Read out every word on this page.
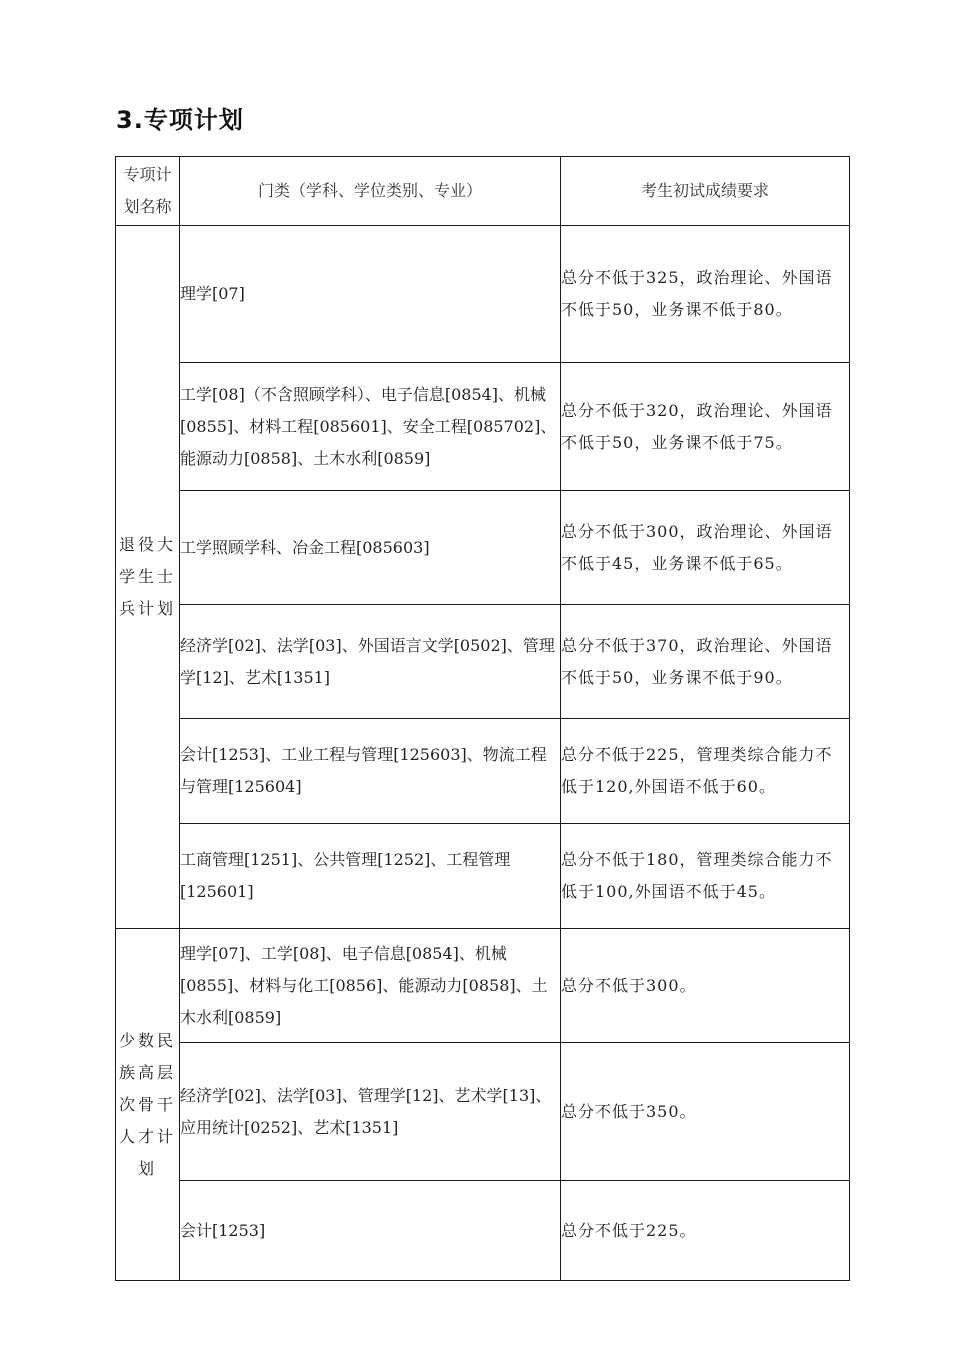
3.专项计划
专项计划名称	门类（学科、学位类别、专业）	考生初试成绩要求
退役大学生士兵计划	理学[07]	总分不低于325，政治理论、外国语不低于50，业务课不低于80。
	工学[08]（不含照顾学科）、电子信息[0854]、机械[0855]、材料工程[085601]、安全工程[085702]、能源动力[0858]、土木水利[0859]	总分不低于320，政治理论、外国语不低于50，业务课不低于75。
	工学照顾学科、冶金工程[085603]	总分不低于300，政治理论、外国语不低于45，业务课不低于65。
	经济学[02]、法学[03]、外国语言文学[0502]、管理学[12]、艺术[1351]	总分不低于370，政治理论、外国语不低于50，业务课不低于90。
	会计[1253]、工业工程与管理[125603]、物流工程与管理[125604]	总分不低于225，管理类综合能力不低于120,外国语不低于60。
	工商管理[1251]、公共管理[1252]、工程管理[125601]	总分不低于180，管理类综合能力不低于100,外国语不低于45。
少数民族高层次骨干人才计划	理学[07]、工学[08]、电子信息[0854]、机械[0855]、材料与化工[0856]、能源动力[0858]、土木水利[0859]	总分不低于300。
	经济学[02]、法学[03]、管理学[12]、艺术学[13]、应用统计[0252]、艺术[1351]	总分不低于350。
	会计[1253]	总分不低于225。
